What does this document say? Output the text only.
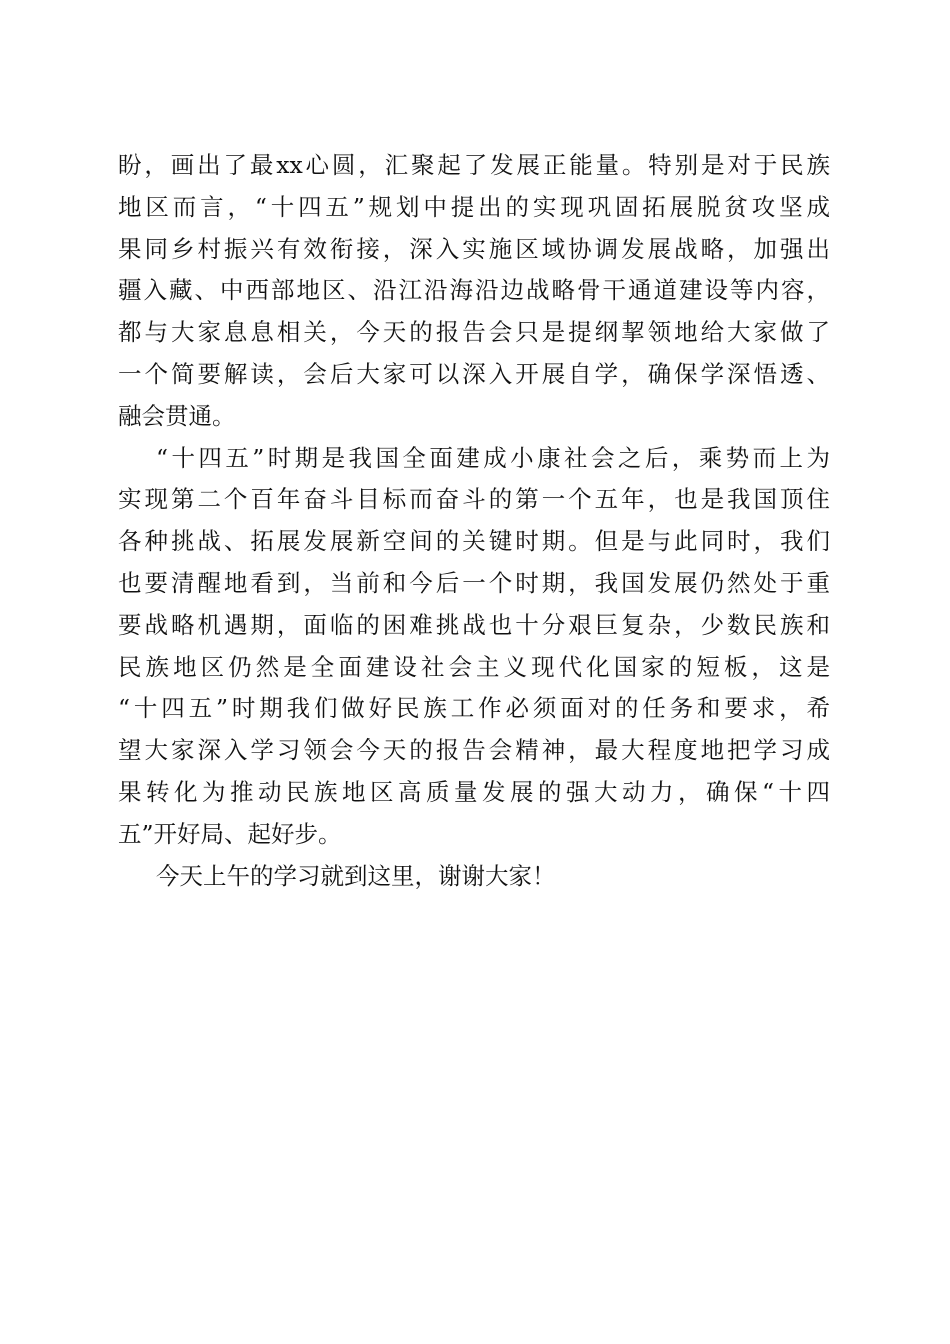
盼，画出了最xx心圆，汇聚起了发展正能量。特别是对于民族
地区而言，“十四五”规划中提出的实现巩固拓展脱贫攻坚成
果同乡村振兴有效衔接，深入实施区域协调发展战略，加强出
疆入藏、中西部地区、沿江沿海沿边战略骨干通道建设等内容，
都与大家息息相关，今天的报告会只是提纲挈领地给大家做了
一个简要解读，会后大家可以深入开展自学，确保学深悟透、
融会贯通。
“十四五”时期是我国全面建成小康社会之后，乘势而上为
实现第二个百年奋斗目标而奋斗的第一个五年，也是我国顶住
各种挑战、拓展发展新空间的关键时期。但是与此同时，我们
也要清醒地看到，当前和今后一个时期，我国发展仍然处于重
要战略机遇期，面临的困难挑战也十分艰巨复杂，少数民族和
民族地区仍然是全面建设社会主义现代化国家的短板，这是
“十四五”时期我们做好民族工作必须面对的任务和要求，希
望大家深入学习领会今天的报告会精神，最大程度地把学习成
果转化为推动民族地区高质量发展的强大动力，确保“十四
五”开好局、起好步。
今天上午的学习就到这里，谢谢大家！
